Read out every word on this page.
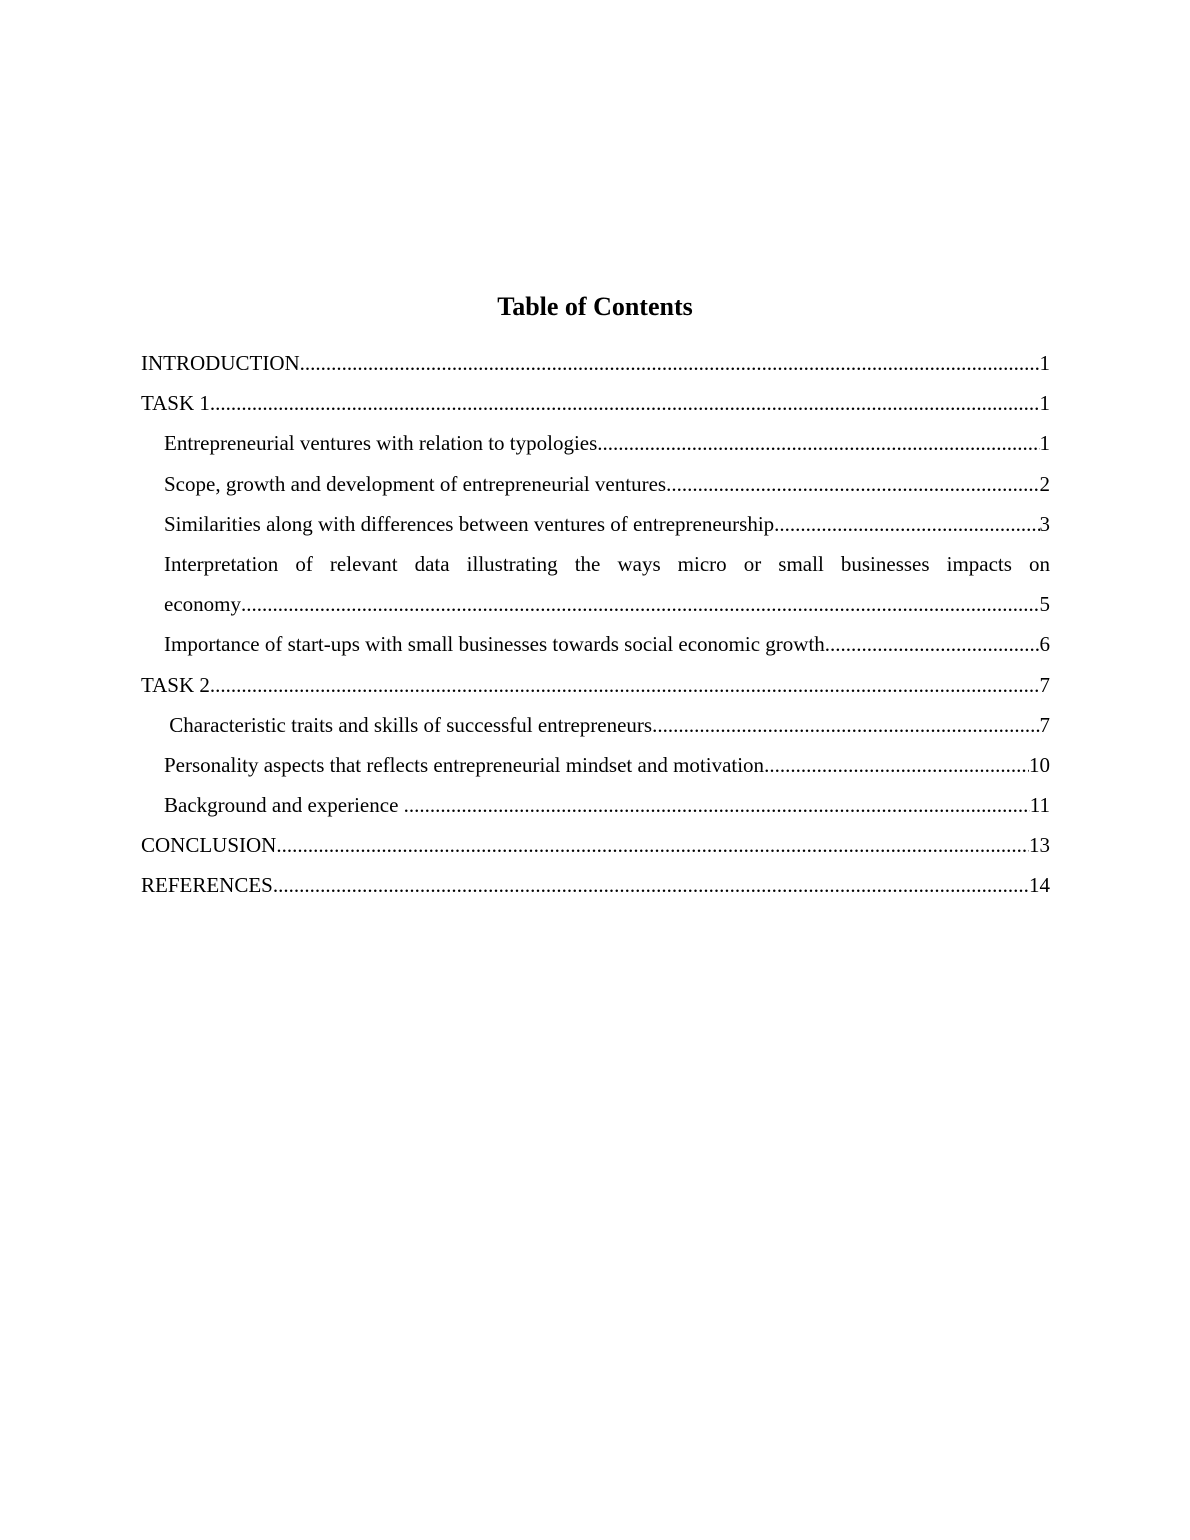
Table of Contents
INTRODUCTION .....	1
TASK 1 .....	1
Entrepreneurial ventures with relation to typologies .....	1
Scope, growth and development of entrepreneurial ventures .....	2
Similarities along with differences between ventures of entrepreneurship .....	3
Interpretation of relevant data illustrating the ways micro or small businesses impacts on
economy .....	5
Importance of start-ups with small businesses towards social economic growth .....	6
TASK 2 .....	7
Characteristic traits and skills of successful entrepreneurs .....	7
Personality aspects that reflects entrepreneurial mindset and motivation .....	10
Background and experience .....	11
CONCLUSION .....	13
REFERENCES .....	14
